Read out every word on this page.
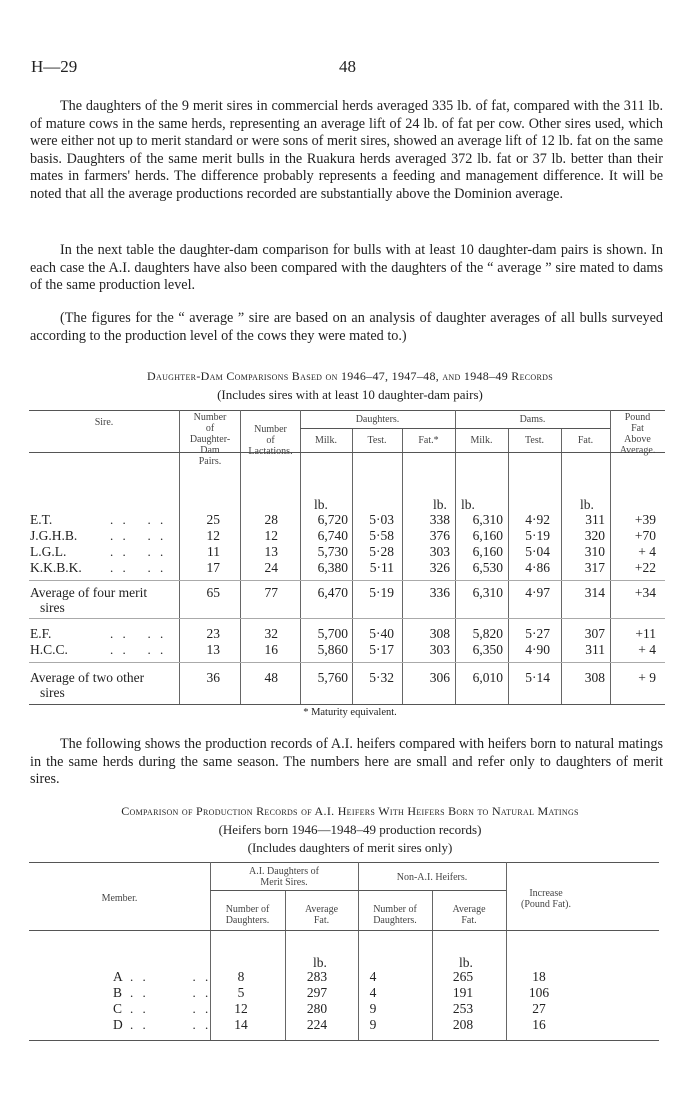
H—29	48

The daughters of the 9 merit sires in commercial herds averaged 335 lb. of fat, compared with the 311 lb. of mature cows in the same herds, representing an average lift of 24 lb. of fat per cow. Other sires used, which were either not up to merit standard or were sons of merit sires, showed an average lift of 12 lb. fat on the same basis. Daughters of the same merit bulls in the Ruakura herds averaged 372 lb. fat or 37 lb. better than their mates in farmers' herds. The difference probably represents a feeding and management difference. It will be noted that all the average productions recorded are substantially above the Dominion average.

In the next table the daughter-dam comparison for bulls with at least 10 daughter-dam pairs is shown. In each case the A.I. daughters have also been compared with the daughters of the “ average ” sire mated to dams of the same production level.

(The figures for the “ average ” sire are based on an analysis of daughter averages of all bulls surveyed according to the production level of the cows they were mated to.)

Daughter-Dam Comparisons Based on 1946–47, 1947–48, and 1948–49 Records
(Includes sires with at least 10 daughter-dam pairs)
Sire.	Number
of
Daughter-
Dam
Pairs.
Number
of
Lactations.
Daughters.	Dams.
Milk.	Test.	Fat.*	Milk.	Test.	Fat.
Pound
Fat
Above
Average.
lb.	lb. lb.	lb.
E.T.	. .   . .	25	28	6,720	5·03	338	6,310	4·92	311	+39
J.G.H.B.	. .   . .	12	12	6,740	5·58	376	6,160	5·19	320	+70
L.G.L.	. .   . .	11	13	5,730	5·28	303	6,160	5·04	310	+ 4
K.K.B.K. . .   . .	17	24	6,380	5·11	326	6,530	4·86	317	+22
Average of four merit
sires
65	77	6,470	5·19	336	6,310	4·97	314	+34
E.F.	. .   . .	23	32	5,700	5·40	308	5,820	5·27	307	+11
H.C.C.	. .   . .	13	16	5,860	5·17	303	6,350	4·90	311	+ 4
Average of two other
sires
36	48	5,760	5·32	306	6,010	5·14	308	+ 9
* Maturity equivalent.

The following shows the production records of A.I. heifers compared with heifers born to natural matings in the same herds during the same season. The numbers here are small and refer only to daughters of merit sires.

Comparison of Production Records of A.I. Heifers With Heifers Born to Natural Matings
(Heifers born 1946—1948–49 production records)
(Includes daughters of merit sires only)
Member.
A.I. Daughters of
Merit Sires.	Non-A.I. Heifers.
Number of
Daughters.
Average
Fat.
Number of
Daughters.
Average
Fat.
Increase
(Pound Fat).
lb.	lb.
A . .       . .	8	283	4	265	18
B . .       . .	5	297	4	191	106
C . .       . .	12	280	9	253	27
D . .       . .	14	224	9	208	16
